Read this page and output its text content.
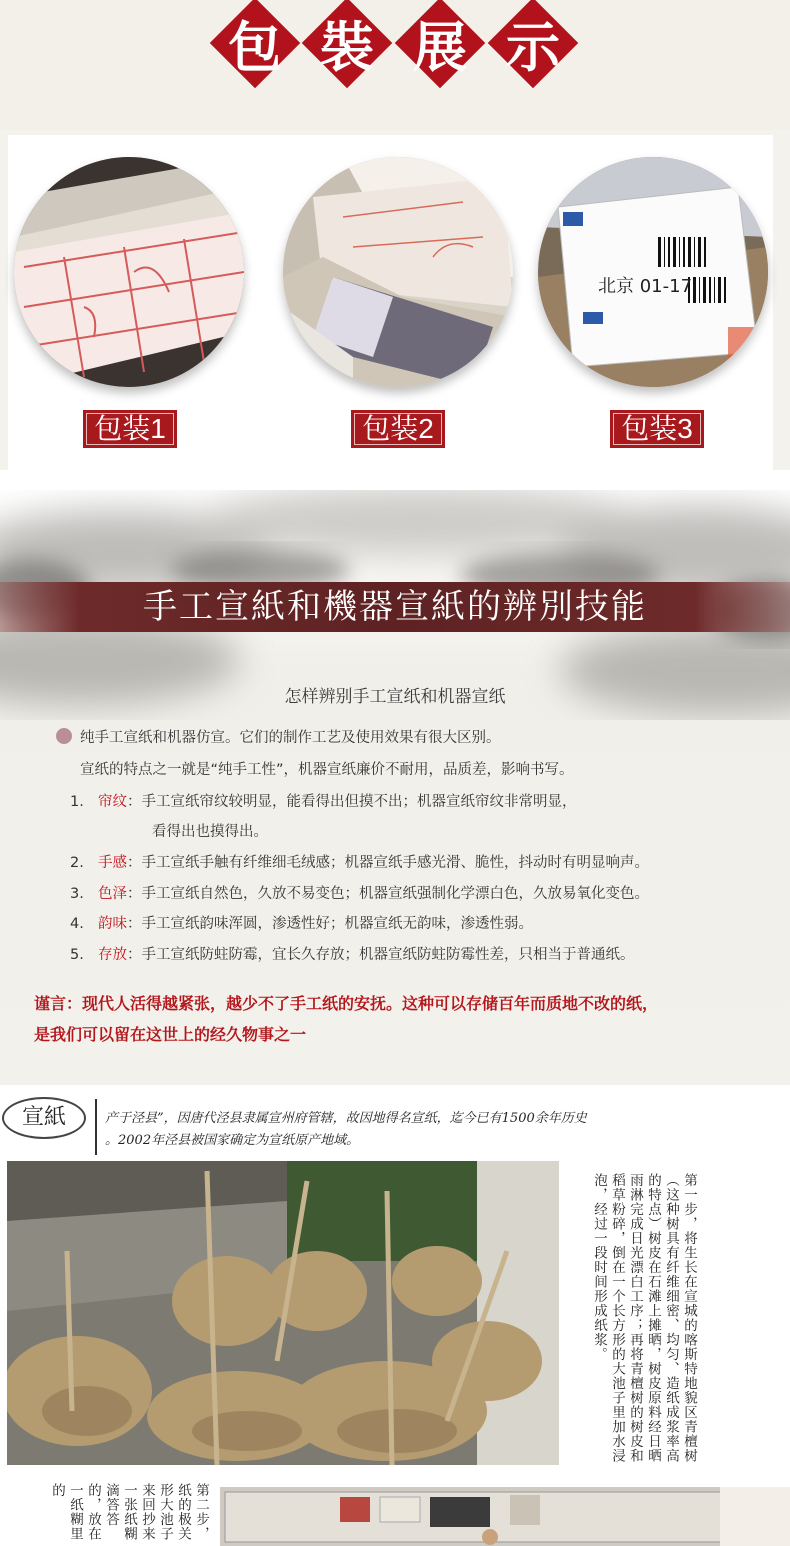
包 裝 展 示
北京 01-17
包装1	包装2	包装3
手工宣紙和機器宣紙的辨別技能
怎样辨别手工宣纸和机器宣纸
纯手工宣纸和机器仿宣。它们的制作工艺及使用效果有很大区别。
宣纸的特点之一就是“纯手工性”，机器宣纸廉价不耐用，品质差，影响书写。
1. 帘纹：手工宣纸帘纹较明显，能看得出但摸不出；机器宣纸帘纹非常明显，
看得出也摸得出。
2. 手感：手工宣纸手触有纤维细毛绒感；机器宣纸手感光滑、脆性，抖动时有明显响声。
3. 色泽：手工宣纸自然色，久放不易变色；机器宣纸强制化学漂白色，久放易氧化变色。
4. 韵味：手工宣纸韵味浑圆，渗透性好；机器宣纸无韵味，渗透性弱。
5. 存放：手工宣纸防蛀防霉，宜长久存放；机器宣纸防蛀防霉性差，只相当于普通纸。
谨言：现代人活得越紧张，越少不了手工纸的安抚。这种可以存储百年而质地不改的纸，
是我们可以留在这世上的经久物事之一
宣紙	产于泾县”，因唐代泾县隶属宣州府管辖，故因地得名宣纸，迄今已有1500余年历史
。2002年泾县被国家确定为宣纸原产地域。
第一步，将生长在宣城的喀斯特地貌区青檀树（这种树具有纤维细密、均匀、造纸成浆率高的特点）树皮在石滩上摊晒，树皮原料经日晒雨淋完成日光漂白工序；再将青檀树的树皮和稻草粉碎，倒在一个长方形的大池子里加水浸泡，经过一段时间形成纸浆。
第二步，纸的极关形大池子来回抄来一张纸糊滴答答的，放在一纸糊里的
